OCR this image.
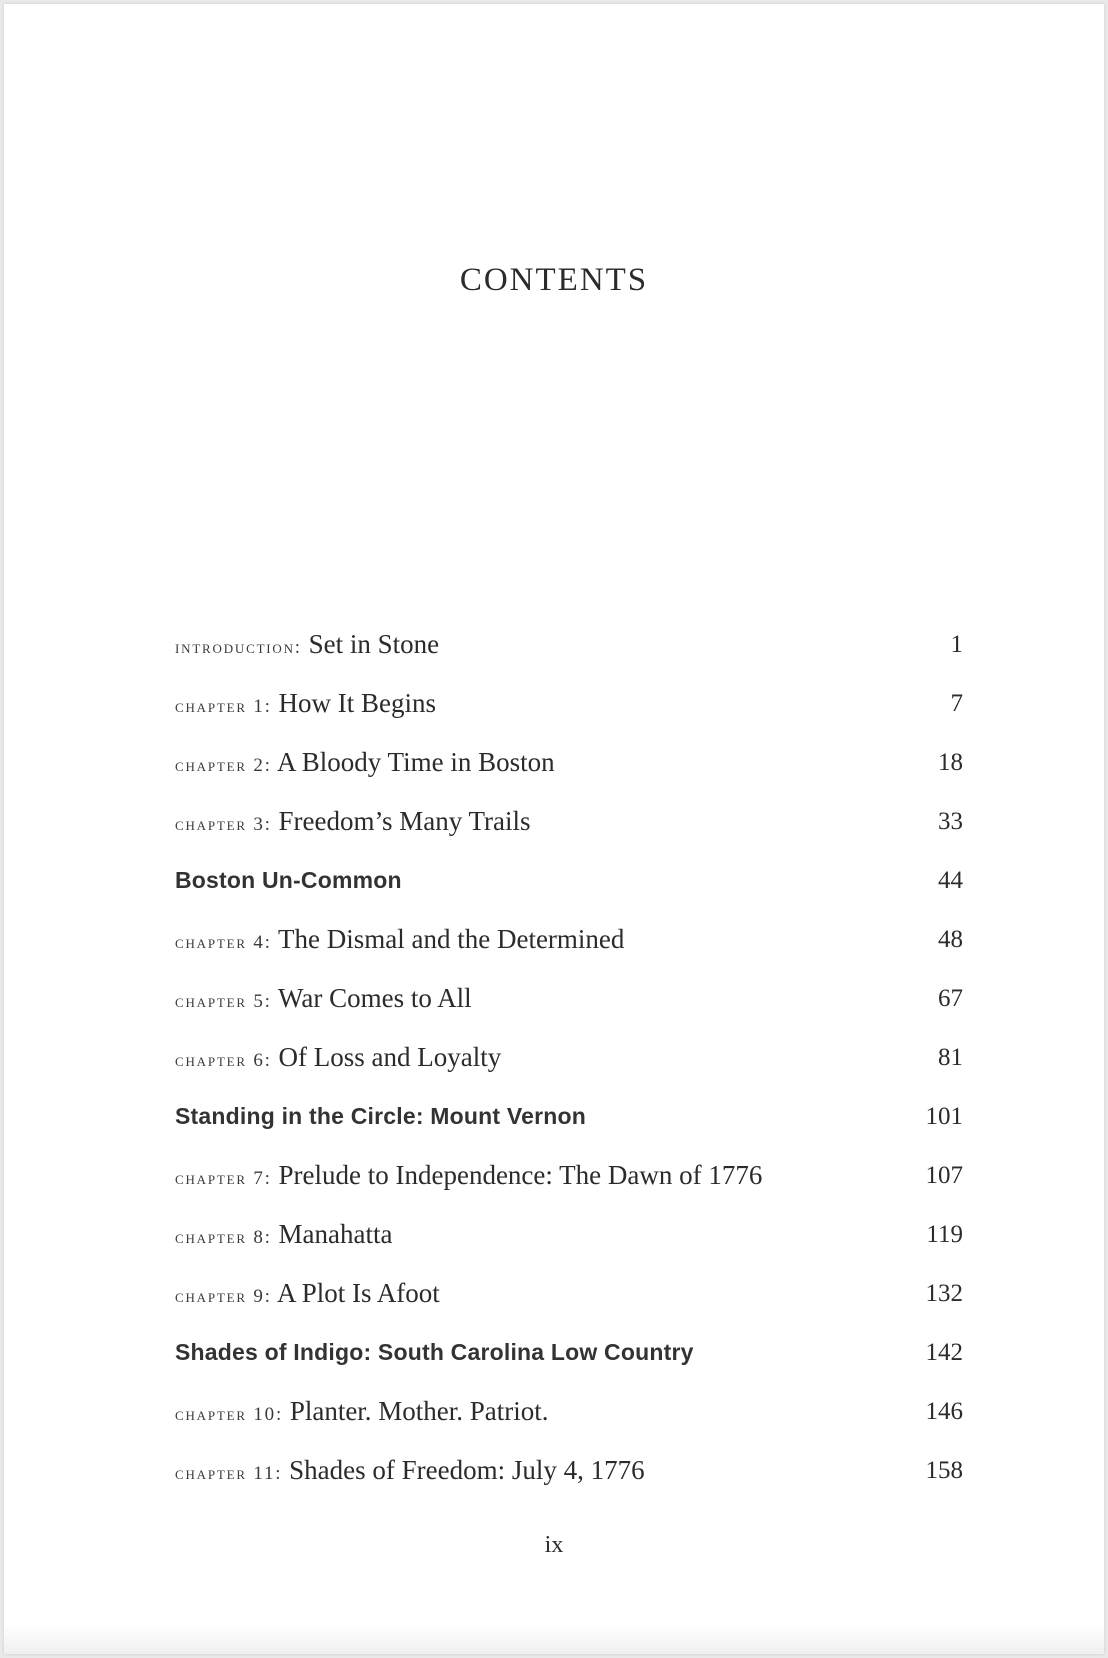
CONTENTS
introduction: Set in Stone	1
chapter 1: How It Begins	7
chapter 2: A Bloody Time in Boston	18
chapter 3: Freedom’s Many Trails	33
Boston Un-Common	44
chapter 4: The Dismal and the Determined	48
chapter 5: War Comes to All	67
chapter 6: Of Loss and Loyalty	81
Standing in the Circle: Mount Vernon	101
chapter 7: Prelude to Independence: The Dawn of 1776	107
chapter 8: Manahatta	119
chapter 9: A Plot Is Afoot	132
Shades of Indigo: South Carolina Low Country	142
chapter 10: Planter. Mother. Patriot.	146
chapter 11: Shades of Freedom: July 4, 1776	158
ix
